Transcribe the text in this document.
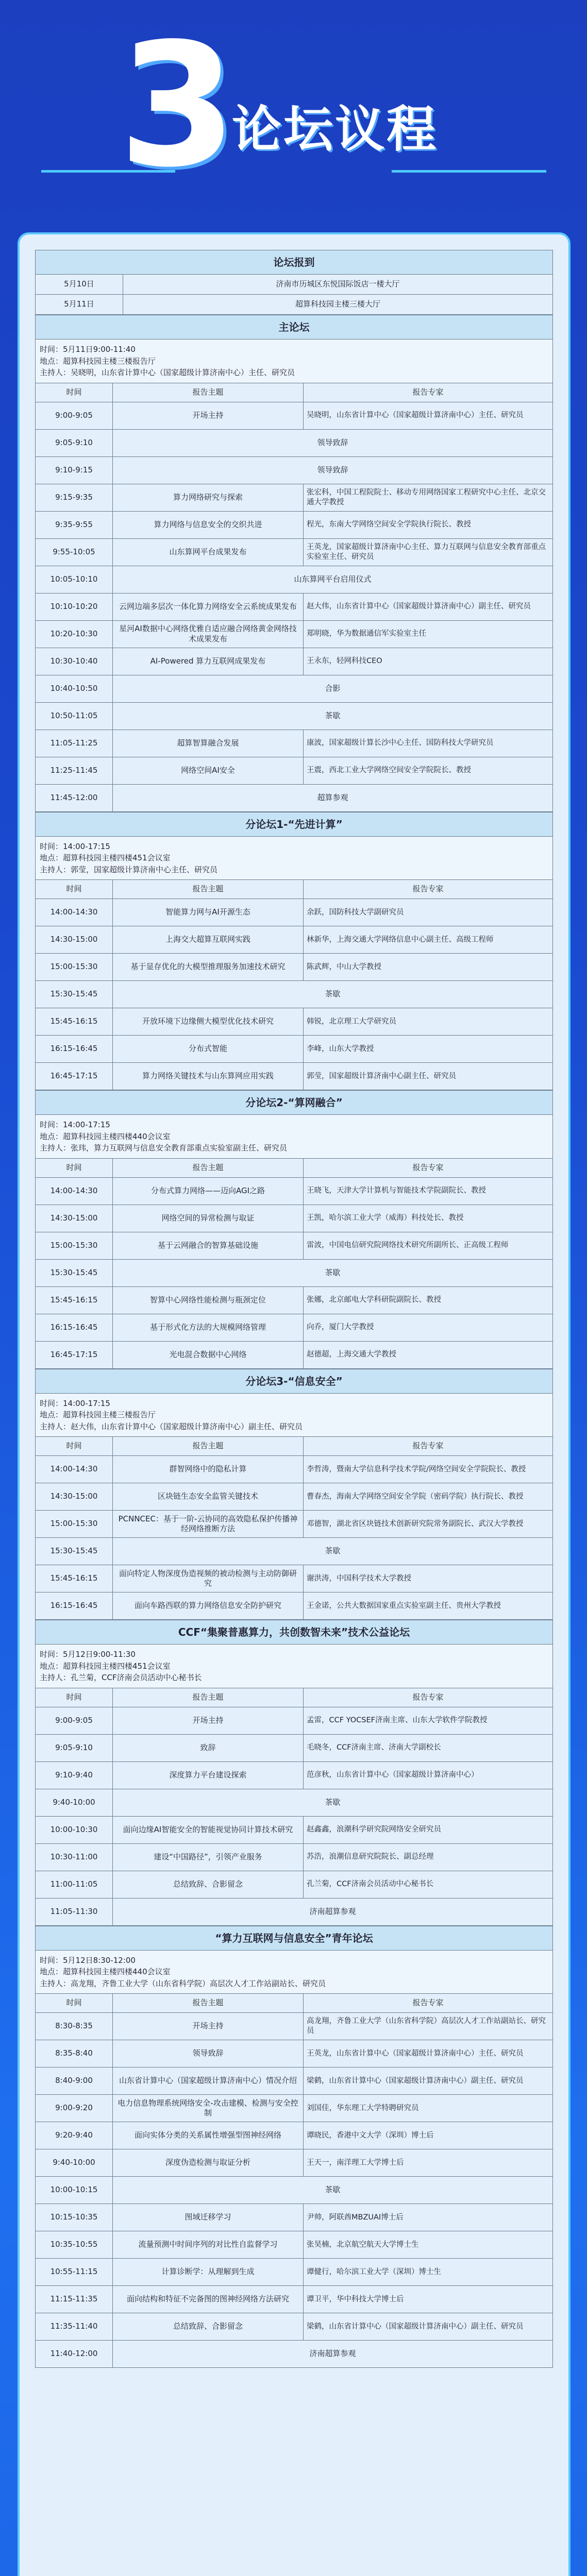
3
论坛议程
论坛报到	
5月10日	济南市历城区东悦国际饭店一楼大厅
5月11日	超算科技园主楼三楼大厅
主论坛		

时间：5月11日9:00-11:40
地点：超算科技园主楼三楼报告厅
主持人：吴晓明，山东省计算中心（国家超级计算济南中心）主任、研究员		

时间	报告主题	报告专家
9:00-9:05	开场主持	吴晓明，山东省计算中心（国家超级计算济南中心）主任、研究员
9:05-9:10	领导致辞	
9:10-9:15	领导致辞	
9:15-9:35	算力网络研究与探索	张宏科，中国工程院院士、移动专用网络国家工程研究中心主任、北京交通大学教授
9:35-9:55	算力网络与信息安全的交织共进	程光，东南大学网络空间安全学院执行院长、教授
9:55-10:05	山东算网平台成果发布	王英龙，国家超级计算济南中心主任、算力互联网与信息安全教育部重点实验室主任、研究员
10:05-10:10	山东算网平台启用仪式	
10:10-10:20	云网边端多层次一体化算力网络安全云系统成果发布	赵大伟，山东省计算中心（国家超级计算济南中心）副主任、研究员
10:20-10:30	星河AI数据中心网络优雅自适应融合网络黄金网络技术成果发布	郑明晓，华为数据通信军实验室主任
10:30-10:40	AI-Powered 算力互联网成果发布	王永东，轻网科技CEO
10:40-10:50	合影	
10:50-11:05	茶歇	
11:05-11:25	超算智算融合发展	康波，国家超级计算长沙中心主任、国防科技大学研究员
11:25-11:45	网络空间AI安全	王震，西北工业大学网络空间安全学院院长、教授
11:45-12:00	超算参观	
分论坛1-“先进计算”		

时间：14:00-17:15
地点：超算科技园主楼四楼451会议室
主持人：郭莹，国家超级计算济南中心主任、研究员		

时间	报告主题	报告专家
14:00-14:30	智能算力网与AI开源生态	余跃，国防科技大学副研究员
14:30-15:00	上海交大超算互联网实践	林新华，上海交通大学网络信息中心副主任、高级工程师
15:00-15:30	基于显存优化的大模型推理服务加速技术研究	陈武辉，中山大学教授
15:30-15:45	茶歇	
15:45-16:15	开放环境下边缘侧大模型优化技术研究	韩锐，北京理工大学研究员
16:15-16:45	分布式智能	李峰，山东大学教授
16:45-17:15	算力网络关键技术与山东算网应用实践	郭莹，国家超级计算济南中心副主任、研究员
分论坛2-“算网融合”		

时间：14:00-17:15
地点：超算科技园主楼四楼440会议室
主持人：张玮，算力互联网与信息安全教育部重点实验室副主任、研究员		

时间	报告主题	报告专家
14:00-14:30	分布式算力网络——迈向AGI之路	王晓飞，天津大学计算机与智能技术学院副院长、教授
14:30-15:00	网络空间的异常检测与取证	王凯，哈尔滨工业大学（威海）科技处长、教授
15:00-15:30	基于云网融合的智算基础设施	雷波，中国电信研究院网络技术研究所副所长、正高级工程师
15:30-15:45	茶歇	
15:45-16:15	智算中心网络性能检测与瓶颈定位	张娜，北京邮电大学科研院副院长、教授
16:15-16:45	基于形式化方法的大规模网络管理	向乔，厦门大学教授
16:45-17:15	光电混合数据中心网络	赵德超，上海交通大学教授
分论坛3-“信息安全”		

时间：14:00-17:15
地点：超算科技园主楼三楼报告厅
主持人：赵大伟，山东省计算中心（国家超级计算济南中心）副主任、研究员		

时间	报告主题	报告专家
14:00-14:30	群智网络中的隐私计算	李哲涛，暨南大学信息科学技术学院/网络空间安全学院院长、教授
14:30-15:00	区块链生态安全监管关键技术	曹春杰，海南大学网络空间安全学院（密码学院）执行院长、教授
15:00-15:30	PCNNCEC：基于一阶-云协同的高效隐私保护传播神经网络推断方法	邓德智，湖北省区块链技术创新研究院常务副院长、武汉大学教授
15:30-15:45	茶歇	
15:45-16:15	面向特定人物深度伪造视频的被动检测与主动防御研究	谢洪涛，中国科学技术大学教授
16:15-16:45	面向车路西联的算力网络信息安全防护研究	王金诺，公共大数据国家重点实验室副主任、贵州大学教授
CCF“集聚普惠算力，共创数智未来”技术公益论坛		

时间：5月12日9:00-11:30
地点：超算科技园主楼四楼451会议室
主持人：孔兰菊，CCF济南会员活动中心秘书长		

时间	报告主题	报告专家
9:00-9:05	开场主持	孟雷，CCF YOCSEF济南主席、山东大学软件学院教授
9:05-9:10	致辞	毛晓冬，CCF济南主席、济南大学副校长
9:10-9:40	深度算力平台建设探索	范彦秋，山东省计算中心（国家超级计算济南中心）
9:40-10:00	茶歇	
10:00-10:30	面向边缘AI智能安全的智能视觉协同计算技术研究	赵鑫鑫，浪潮科学研究院网络安全研究员
10:30-11:00	建设“中国路径”，引领产业服务	苏浩，浪潮信息研究院院长、副总经理
11:00-11:05	总结致辞、合影留念	孔兰菊，CCF济南会员活动中心秘书长
11:05-11:30	济南超算参观	
“算力互联网与信息安全”青年论坛		

时间：5月12日8:30-12:00
地点：超算科技园主楼四楼440会议室
主持人：高龙翔，齐鲁工业大学（山东省科学院）高层次人才工作站副站长、研究员		

时间	报告主题	报告专家
8:30-8:35	开场主持	高龙翔，齐鲁工业大学（山东省科学院）高层次人才工作站副站长、研究员
8:35-8:40	领导致辞	王英龙，山东省计算中心（国家超级计算济南中心）主任、研究员
8:40-9:00	山东省计算中心（国家超级计算济南中心）情况介绍	梁鹤，山东省计算中心（国家超级计算济南中心）副主任、研究员
9:00-9:20	电力信息物理系统网络安全-攻击建模、检测与安全控制	刘国佳，华东理工大学特聘研究员
9:20-9:40	面向实体分类的关系属性增强型图神经网络	谭晓民，香港中文大学（深圳）博士后
9:40-10:00	深度伪造检测与取证分析	王天一，南洋理工大学博士后
10:00-10:15	茶歇	
10:15-10:35	图域迁移学习	尹帅，阿联酋MBZUAI博士后
10:35-10:55	流量预测中时间序列的对比性自监督学习	张昊楠，北京航空航天大学博士生
10:55-11:15	计算诊断学：从理解到生成	谭健行，哈尔滨工业大学（深圳）博士生
11:15-11:35	面向结构和特征不完备图的图神经网络方法研究	谭卫平，华中科技大学博士后
11:35-11:40	总结致辞、合影留念	梁鹤，山东省计算中心（国家超级计算济南中心）副主任、研究员
11:40-12:00	济南超算参观	
